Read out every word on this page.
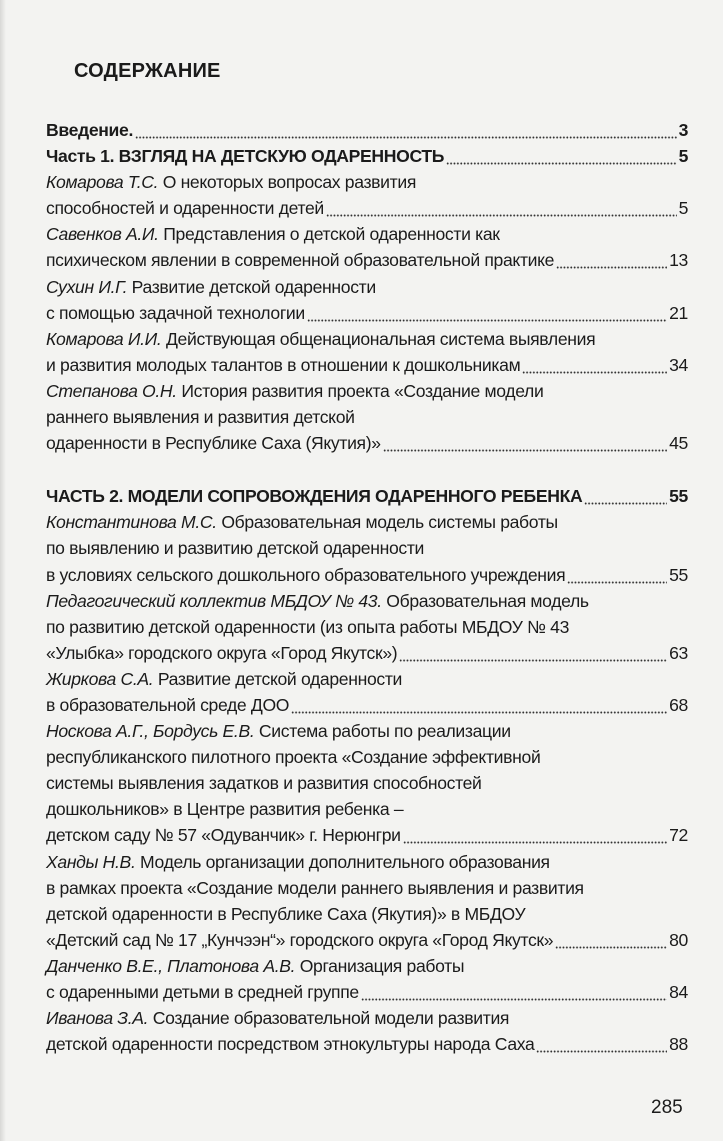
СОДЕРЖАНИЕ
Введение.	3
Часть 1. ВЗГЛЯД НА ДЕТСКУЮ ОДАРЕННОСТЬ	5
Комарова Т.С. О некоторых вопросах развития
способностей и одаренности детей	5
Савенков А.И. Представления о детской одаренности как
психическом явлении в современной образовательной практике	13
Сухин И.Г. Развитие детской одаренности
с помощью задачной технологии	21
Комарова И.И. Действующая общенациональная система выявления
и развития молодых талантов в отношении к дошкольникам	34
Степанова О.Н. История развития проекта «Создание модели
раннего выявления и развития детской
одаренности в Республике Саха (Якутия)»	45
ЧАСТЬ 2. МОДЕЛИ СОПРОВОЖДЕНИЯ ОДАРЕННОГО РЕБЕНКА	55
Константинова М.С. Образовательная модель системы работы
по выявлению и развитию детской одаренности
в условиях сельского дошкольного образовательного учреждения	55
Педагогический коллектив МБДОУ № 43. Образовательная модель
по развитию детской одаренности (из опыта работы МБДОУ № 43
«Улыбка» городского округа «Город Якутск»)	63
Жиркова С.А. Развитие детской одаренности
в образовательной среде ДОО	68
Носкова А.Г., Бордусь Е.В. Система работы по реализации
республиканского пилотного проекта «Создание эффективной
системы выявления задатков и развития способностей
дошкольников» в Центре развития ребенка –
детском саду № 57 «Одуванчик» г. Нерюнгри	72
Ханды Н.В. Модель организации дополнительного образования
в рамках проекта «Создание модели раннего выявления и развития
детской одаренности в Республике Саха (Якутия)» в МБДОУ
«Детский сад № 17 „Кунчээн“» городского округа «Город Якутск»	80
Данченко В.Е., Платонова А.В. Организация работы
с одаренными детьми в средней группе	84
Иванова З.А. Создание образовательной модели развития
детской одаренности посредством этнокультуры народа Саха	88
285
